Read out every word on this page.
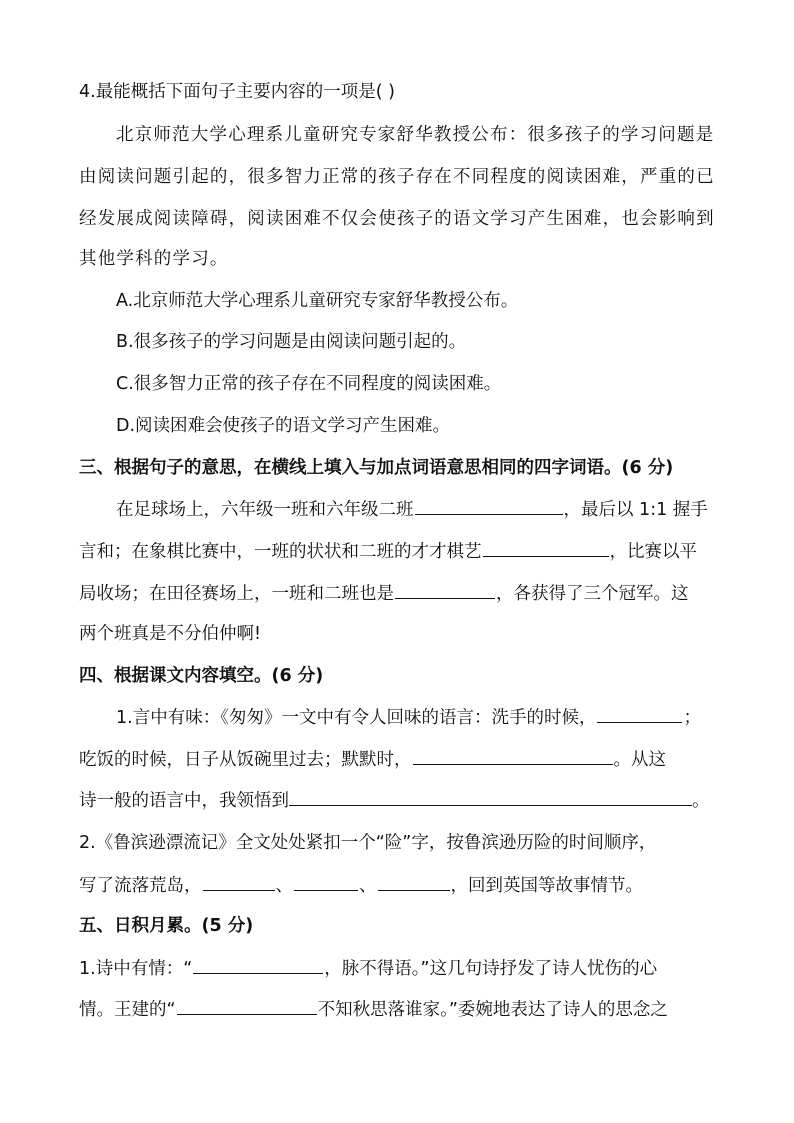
4.最能概括下面句子主要内容的一项是( )
北京师范大学心理系儿童研究专家舒华教授公布：很多孩子的学习问题是
由阅读问题引起的，很多智力正常的孩子存在不同程度的阅读困难，严重的已
经发展成阅读障碍，阅读困难不仅会使孩子的语文学习产生困难，也会影响到
其他学科的学习。
A.北京师范大学心理系儿童研究专家舒华教授公布。
B.很多孩子的学习问题是由阅读问题引起的。
C.很多智力正常的孩子存在不同程度的阅读困难。
D.阅读困难会使孩子的语文学习产生困难。
三、根据句子的意思，在横线上填入与加点词语意思相同的四字词语。(6 分)
在足球场上，六年级一班和六年级二班	，最后以 1:1 握手
言和；在象棋比赛中，一班的状状和二班的才才棋艺	，比赛以平
局收场；在田径赛场上，一班和二班也是	，各获得了三个冠军。这
两个班真是不分伯仲啊!
四、根据课文内容填空。(6 分)
1.言中有味：《匆匆》一文中有令人回味的语言：洗手的时候，	；
吃饭的时候，日子从饭碗里过去；默默时，	。从这
诗一般的语言中，我领悟到	。
2.《鲁滨逊漂流记》全文处处紧扣一个“险”字，按鲁滨逊历险的时间顺序，
写了流落荒岛，	、	、	，回到英国等故事情节。
五、日积月累。(5 分)
1.诗中有情：“	，脉不得语。”这几句诗抒发了诗人忧伤的心
情。王建的“	不知秋思落谁家。”委婉地表达了诗人的思念之
